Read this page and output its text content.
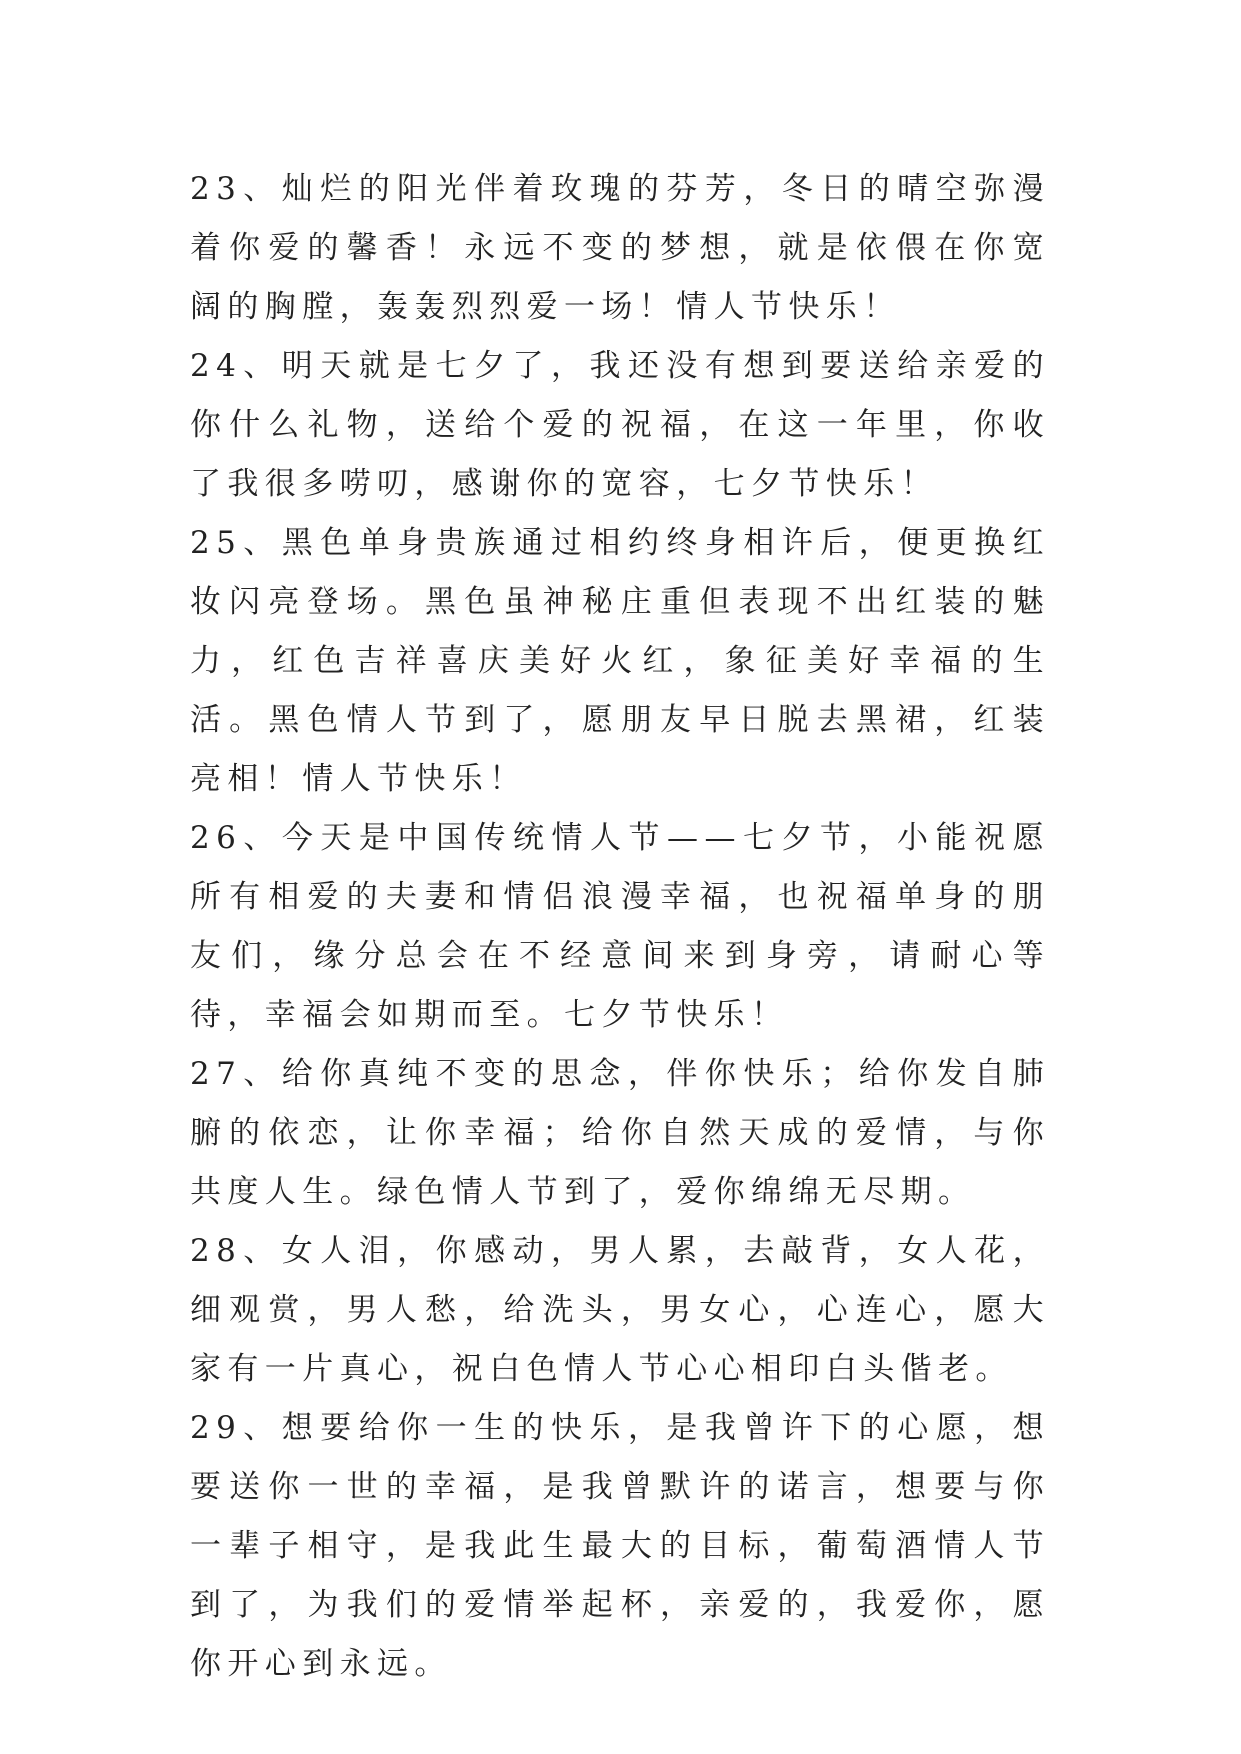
23、灿烂的阳光伴着玫瑰的芬芳，冬日的晴空弥漫着你爱的馨香！永远不变的梦想，就是依偎在你宽阔的胸膛，轰轰烈烈爱一场！情人节快乐！

24、明天就是七夕了，我还没有想到要送给亲爱的你什么礼物，送给个爱的祝福，在这一年里，你收了我很多唠叨，感谢你的宽容，七夕节快乐！

25、黑色单身贵族通过相约终身相许后，便更换红妆闪亮登场。黑色虽神秘庄重但表现不出红装的魅力，红色吉祥喜庆美好火红，象征美好幸福的生活。黑色情人节到了，愿朋友早日脱去黑裙，红装亮相！情人节快乐！

26、今天是中国传统情人节——七夕节，小能祝愿所有相爱的夫妻和情侣浪漫幸福，也祝福单身的朋友们，缘分总会在不经意间来到身旁，请耐心等待，幸福会如期而至。七夕节快乐！

27、给你真纯不变的思念，伴你快乐；给你发自肺腑的依恋，让你幸福；给你自然天成的爱情，与你共度人生。绿色情人节到了，爱你绵绵无尽期。

28、女人泪，你感动，男人累，去敲背，女人花，细观赏，男人愁，给洗头，男女心，心连心，愿大家有一片真心，祝白色情人节心心相印白头偕老。

29、想要给你一生的快乐，是我曾许下的心愿，想要送你一世的幸福，是我曾默许的诺言，想要与你一辈子相守，是我此生最大的目标，葡萄酒情人节到了，为我们的爱情举起杯，亲爱的，我爱你，愿你开心到永远。
